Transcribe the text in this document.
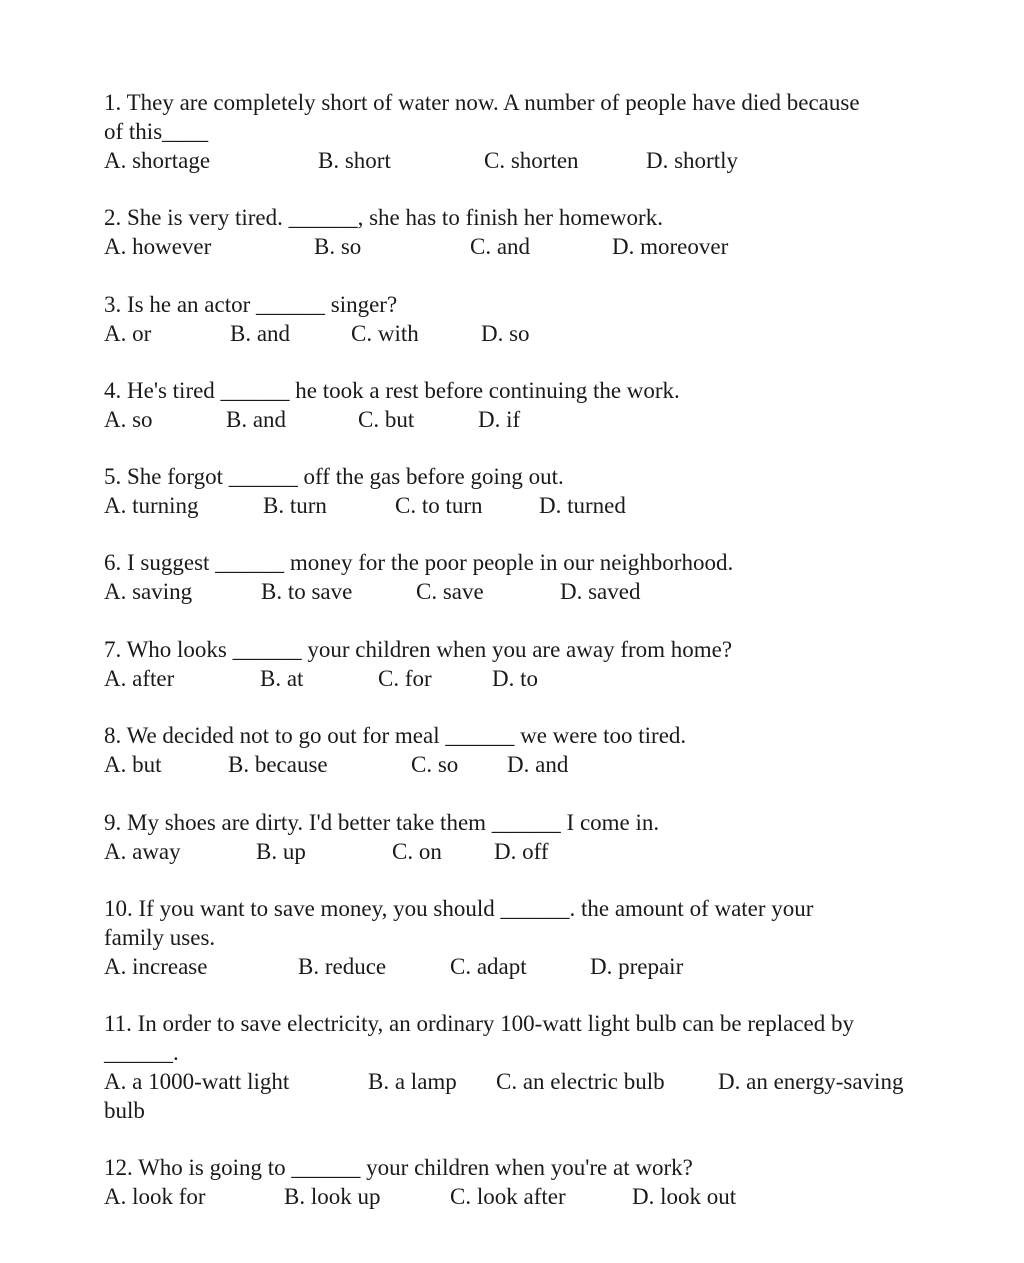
1. They are completely short of water now. A number of people have died because
of this____
A. shortage	B. short	C. shorten	D. shortly
2. She is very tired. ______, she has to finish her homework.
A. however	B. so	C. and	D. moreover
3. Is he an actor ______ singer?
A. or	B. and	C. with	D. so
4. He's tired ______ he took a rest before continuing the work.
A. so	B. and	C. but	D. if
5. She forgot ______ off the gas before going out.
A. turning	B. turn	C. to turn D. turned
6. I suggest ______ money for the poor people in our neighborhood.
A. saving	B. to save	C. save	D. saved
7. Who looks ______ your children when you are away from home?
A. after	B. at	C. for	D. to
8. We decided not to go out for meal ______ we were too tired.
A. but	B. because	C. so D. and
9. My shoes are dirty. I'd better take them ______ I come in.
A. away	B. up	C. on D. off
10. If you want to save money, you should ______. the amount of water your
family uses.
A. increase	B. reduce	C. adapt	D. prepair
11. In order to save electricity, an ordinary 100-watt light bulb can be replaced by
______.
A. a 1000-watt light bulb
B. a lamp C. an electric bulb D. an energy-saving
12. Who is going to ______ your children when you're at work?
A. look for	B. look up	C. look after	D. look out
